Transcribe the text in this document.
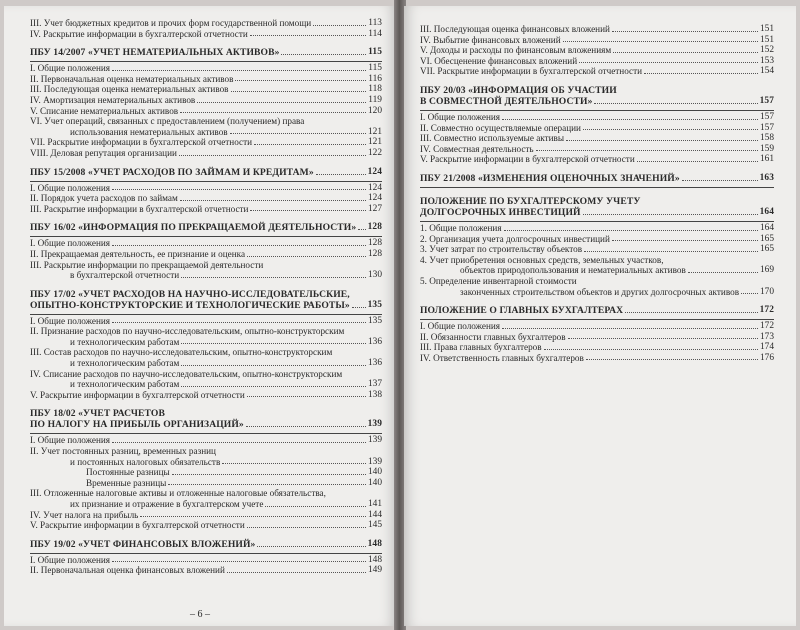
III. Учет бюджетных кредитов и прочих форм государственной помощи	113
IV. Раскрытие информации в бухгалтерской отчетности	114
ПБУ 14/2007 «УЧЕТ НЕМАТЕРИАЛЬНЫХ АКТИВОВ»	115
I. Общие положения	115
II. Первоначальная оценка нематериальных активов	116
III. Последующая оценка нематериальных активов	118
IV. Амортизация нематериальных активов	119
V. Списание нематериальных активов	120
VI. Учет операций, связанных с предоставлением (получением) права
использования нематериальных активов	121
VII. Раскрытие информации в бухгалтерской отчетности	121
VIII. Деловая репутация организации	122
ПБУ 15/2008 «УЧЕТ РАСХОДОВ ПО ЗАЙМАМ И КРЕДИТАМ»	124
I. Общие положения	124
II. Порядок учета расходов по займам	124
III. Раскрытие информации в бухгалтерской отчетности	127
ПБУ 16/02 «ИНФОРМАЦИЯ ПО ПРЕКРАЩАЕМОЙ ДЕЯТЕЛЬНОСТИ» 128
I. Общие положения	128
II. Прекращаемая деятельность, ее признание и оценка	128
III. Раскрытие информации по прекращаемой деятельности
в бухгалтерской отчетности	130
ПБУ 17/02 «УЧЕТ РАСХОДОВ НА НАУЧНО-ИССЛЕДОВАТЕЛЬСКИЕ,
ОПЫТНО-КОНСТРУКТОРСКИЕ И ТЕХНОЛОГИЧЕСКИЕ РАБОТЫ» 135
I. Общие положения	135
II. Признание расходов по научно-исследовательским, опытно-конструкторским
и технологическим работам	136
III. Состав расходов по научно-исследовательским, опытно-конструкторским
и технологическим работам	136
IV. Списание расходов по научно-исследовательским, опытно-конструкторским
и технологическим работам	137
V. Раскрытие информации в бухгалтерской отчетности	138
ПБУ 18/02 «УЧЕТ РАСЧЕТОВ
ПО НАЛОГУ НА ПРИБЫЛЬ ОРГАНИЗАЦИЙ»	139
I. Общие положения	139
II. Учет постоянных разниц, временных разниц
и постоянных налоговых обязательств	139
Постоянные разницы	140
Временные разницы	140
III. Отложенные налоговые активы и отложенные налоговые обязательства,
их признание и отражение в бухгалтерском учете	141
IV. Учет налога на прибыль	144
V. Раскрытие информации в бухгалтерской отчетности	145
ПБУ 19/02 «УЧЕТ ФИНАНСОВЫХ ВЛОЖЕНИЙ»	148
I. Общие положения	148
II. Первоначальная оценка финансовых вложений	149
– 6 –
III. Последующая оценка финансовых вложений	151
IV. Выбытие финансовых вложений	151
V. Доходы и расходы по финансовым вложениям	152
VI. Обесценение финансовых вложений	153
VII. Раскрытие информации в бухгалтерской отчетности	154
ПБУ 20/03 «ИНФОРМАЦИЯ ОБ УЧАСТИИ
В СОВМЕСТНОЙ ДЕЯТЕЛЬНОСТИ»	157
I. Общие положения	157
II. Совместно осуществляемые операции	157
III. Совместно используемые активы	158
IV. Совместная деятельность	159
V. Раскрытие информации в бухгалтерской отчетности	161
ПБУ 21/2008 «ИЗМЕНЕНИЯ ОЦЕНОЧНЫХ ЗНАЧЕНИЙ»	163
ПОЛОЖЕНИЕ ПО БУХГАЛТЕРСКОМУ УЧЕТУ
ДОЛГОСРОЧНЫХ ИНВЕСТИЦИЙ	164
1. Общие положения	164
2. Организация учета долгосрочных инвестиций	165
3. Учет затрат по строительству объектов	165
4. Учет приобретения основных средств, земельных участков,
объектов природопользования и нематериальных активов	169
5. Определение инвентарной стоимости
законченных строительством объектов и других долгосрочных активов 170
ПОЛОЖЕНИЕ О ГЛАВНЫХ БУХГАЛТЕРАХ	172
I. Общие положения	172
II. Обязанности главных бухгалтеров	173
III. Права главных бухгалтеров	174
IV. Ответственность главных бухгалтеров	176
